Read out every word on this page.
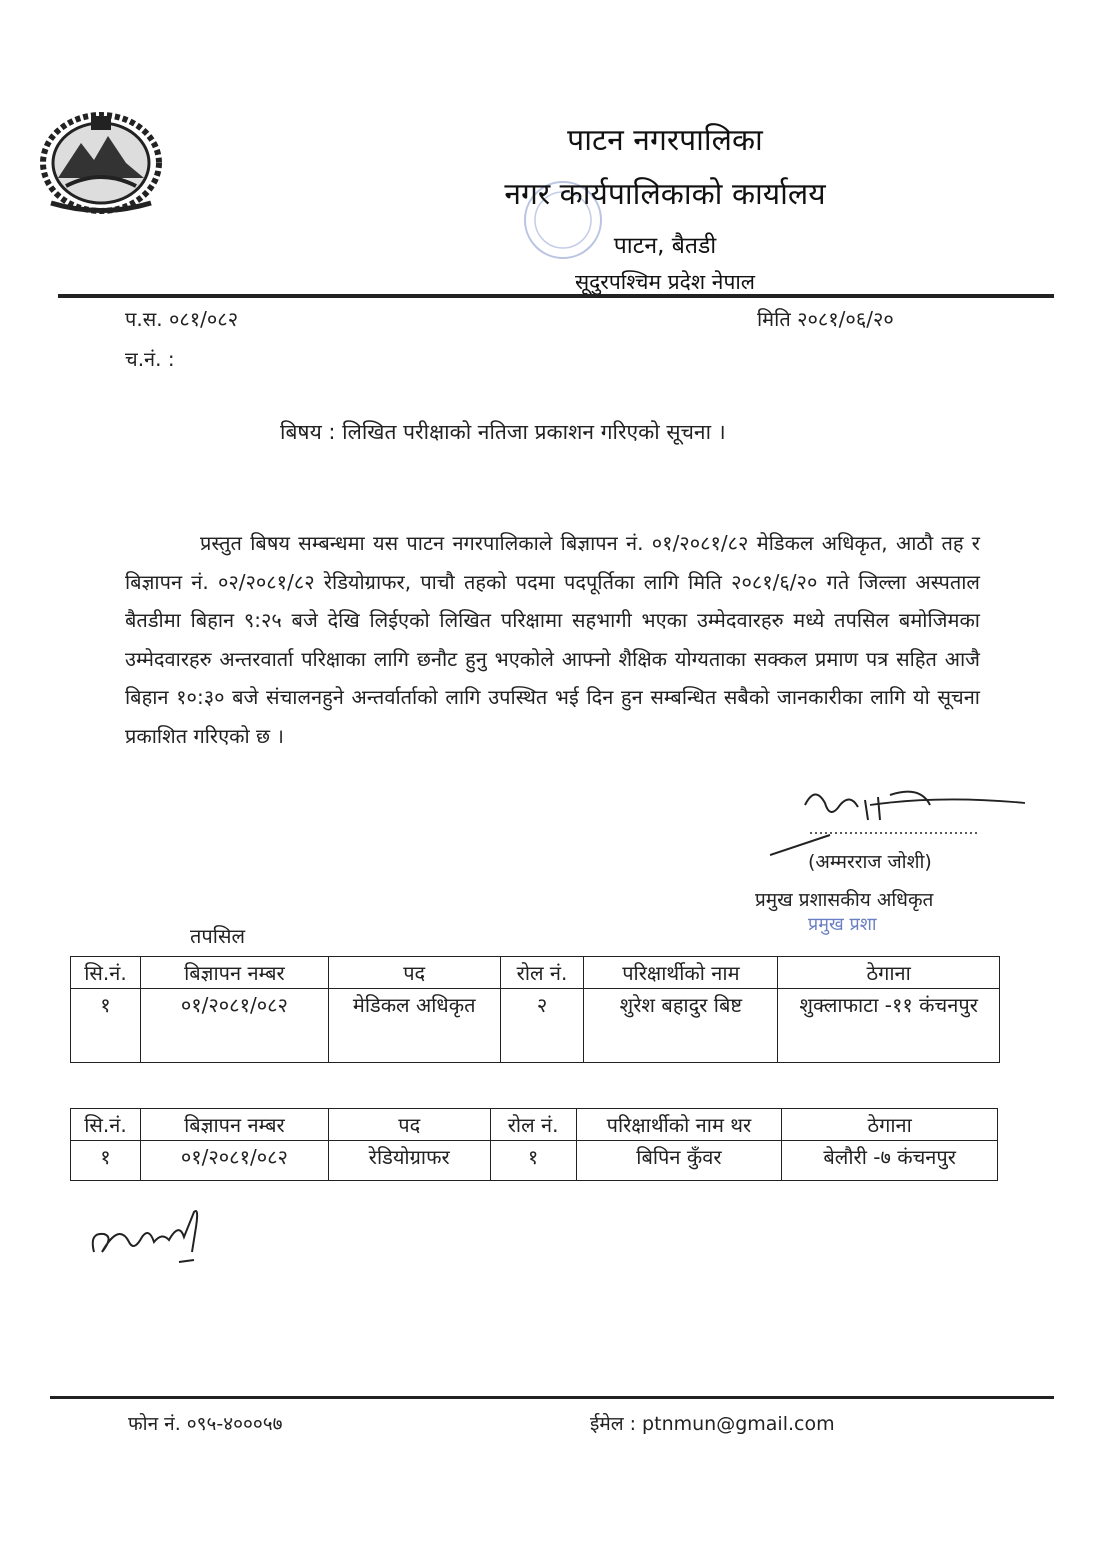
पाटन नगरपालिका
नगर कार्यपालिकाको कार्यालय
पाटन, बैतडी
सूदुरपश्चिम प्रदेश नेपाल
प.स. ०८१/०८२	मिति २०८१/०६/२०
च.नं. :
बिषय : लिखित परीक्षाको नतिजा प्रकाशन गरिएको सूचना ।
प्रस्तुत बिषय सम्बन्धमा यस पाटन नगरपालिकाले बिज्ञापन नं. ०१/२०८१/८२ मेडिकल अधिकृत, आठौ तह र बिज्ञापन नं. ०२/२०८१/८२ रेडियोग्राफर, पाचौ तहको पदमा पदपूर्तिका लागि मिति २०८१/६/२० गते जिल्ला अस्पताल बैतडीमा बिहान ९:२५ बजे देखि लिईएको लिखित परिक्षामा सहभागी भएका उम्मेदवारहरु मध्ये तपसिल बमोजिमका उम्मेदवारहरु अन्तरवार्ता परिक्षाका लागि छनौट हुनु भएकोले आफ्नो शैक्षिक योग्यताका सक्कल प्रमाण पत्र सहित आजै बिहान १०:३० बजे संचालनहुने अन्तर्वार्ताको लागि उपस्थित भई दिन हुन सम्बन्धित सबैको जानकारीका लागि यो सूचना प्रकाशित गरिएको छ ।
(अम्मरराज जोशी)
प्रमुख प्रशासकीय अधिकृत
प्रमुख प्रशा
तपसिल
सि.नं.	बिज्ञापन नम्बर	पद	रोल नं.	परिक्षार्थीको नाम	ठेगाना
१	०१/२०८१/०८२	मेडिकल अधिकृत	२	शुरेश बहादुर बिष्ट	शुक्लाफाटा -११ कंचनपुर
सि.नं.	बिज्ञापन नम्बर	पद	रोल नं.	परिक्षार्थीको नाम थर	ठेगाना
१	०१/२०८१/०८२	रेडियोग्राफर	१	बिपिन कुँवर	बेलौरी -७ कंचनपुर
फोन नं. ०९५-४०००५७	ईमेल : ptnmun@gmail.com
